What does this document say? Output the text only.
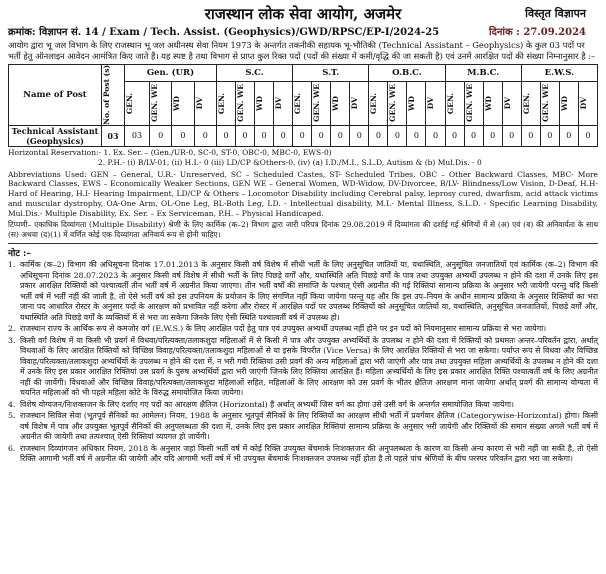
राजस्थान लोक सेवा आयोग, अजमेर	विस्तृत विज्ञापन
क्रमांक: विज्ञापन सं. 14 / Exam / Tech. Assist. (Geophysics)/GWD/RPSC/EP-I/2024-25	दिनांक : 27.09.2024
आयोग द्वारा भू जल विभाग के लिए राजस्थान भू जल अधीनस्थ सेवा नियम 1973 के अन्तर्गत तकनीकी सहायक भू-भौतिकी (Technical Assistant – Geophysics) के कुल 03 पदों पर भर्ती हेतु ऑनलाइन आवेदन आमंत्रित किए जाते हैं। यह स्पष्ट है तथा विभाग से प्राप्त कुल रिक्त पदों (पदों की संख्या में कमी/वृद्धि की जा सकती है) एवं उनमें आरक्षित पदों की संख्या निम्नानुसार है :–
Name of Post	No. of Post (s)	Gen. (UR)				S.C.				S.T.				O.B.C.				M.B.C.				E.W.S.			

		GEN.	GEN. WE	WD	DV	GEN.	GEN. WE	WD	DV	GEN.	GEN. WE	WD	DV	GEN.	GEN. WE	WD	DV	GEN.	GEN. WE	WD	DV	GEN.	GEN. WE	WD	DV

Technical Assistant (Geophysics)	03	03	0	0	0	0	0	0	0	0	0	0	0	0	0	0	0	0	0	0	0	0	0	0	0
Horizontal Reservation:- 1. Ex. Ser. – (Gen./UR-0, SC-0, ST-0, OBC-0, MBC-0, EWS-0)
2. P.H.- (i) B/LV-01, (ii) H.I.- 0 (iii) LD/CP &Others-0, (iv) (a) I.D./M.I., S.L.D, Autism & (b) Mul.Dis. - 0
Abbreviations Used: GEN – General, U.R.- Unreserved, SC – Scheduled Castes, ST- Scheduled Tribes, OBC – Other Backward Classes, MBC- More Backward Classes, EWS – Economically Weaker Sections, GEN WE – General Women, WD-Widow, DV-Divorcee, B/LV- Blindness/Low Vision, D-Deaf, H.H-Hard of Hearing, H.I- Hearing Impairment, LD/CP & Others – Locomotor Disability including Cerebral palsy, leprosy cured, dwarfism, acid attack victims and muscular dystrophy, OA-One Arm, OL-One Leg, BL-Both Leg, I.D. - Intellectual disability, M.I.- Mental Illness, S.L.D. - Specific Learning Disability, Mul.Dis.- Multiple Disability, Ex. Ser. – Ex Serviceman, P.H. – Physical Handicaped.
टिप्पणी– एकाधिक दिव्यांगता (Multiple Disability) श्रेणी के लिए कार्मिक (क–2) विभाग द्वारा जारी परिपत्र दिनांक 29.08.2019 में दिव्यांगता की दर्शाई गई श्रेणियों में से (अ) एवं (ब) की अनिवार्यता के साथ (स) अथवा (द)(1) में वर्णित कोई एक दिव्यांगता अनिवार्य रूप से होनी चाहिए।
नोट :–
1. कार्मिक (क–2) विभाग की अधिसूचना दिनांक 17.01.2013 के अनुसार किसी वर्ष विशेष में सीधी भर्ती के लिए अनुसूचित जातियों या, यथास्थिति, अनुसूचित जनजातियों एवं कार्मिक (क–2) विभाग की अधिसूचना दिनांक 28.07.2023 के अनुसार किसी वर्ष विशेष में सीधी भर्ती के लिए पिछड़े वर्गों और, यथास्थिति अति पिछड़े वर्गों के पात्र तथा उपयुक्त अभ्यर्थी उपलब्ध न होने की दशा में उनके लिए इस प्रकार आरक्षित रिक्तियों को पश्चात्वर्ती तीन भर्ती वर्ष में अग्रनीत किया जाएगा। तीन भर्ती वर्षों की समाप्ति के पश्चात् ऐसी अग्रनीत की गई रिक्तियां सामान्य प्रक्रिया के अनुसार भरी जायेगी परन्तु यदि किसी भर्ती वर्ष में भर्ती नहीं की जाती है, तो ऐसे भर्ती वर्ष को इस उपनियम के प्रयोजन के लिए संगणित नहीं किया जायेगा परन्तु यह और कि इस उप–नियम के अधीन सामान्य प्रक्रिया के अनुसार रिक्तियों का भरा जाना पद आधारित रोस्टर के अनुसार पदों के आरक्षण को प्रभावित नहीं करेगा और रोस्टर में आरक्षित पदों पर उपलब्ध रिक्तियों को अनुसूचित जातियों या, यथास्थिति, अनुसूचित जनजातियों, पिछड़े वर्गों और, यथास्थिति अति पिछड़े वर्गों के व्यक्तियों में से भरा जा सकेगा जिनके लिए ऐसी स्थिति पश्चात्वर्ती वर्ष में उपलब्ध हो।
2. राजस्थान राज्य के आर्थिक रूप से कमजोर वर्ग (E.W.S.) के लिए आरक्षित पदों हेतु पात्र एवं उपयुक्त अभ्यर्थी उपलब्ध नहीं होने पर इन पदों को नियमानुसार सामान्य प्रक्रिया से भरा जायेगा।
3. किसी वर्ग विशेष में या किसी भी प्रवर्ग में विधवा/परित्यक्ता/तलाकशुदा महिलाओं में से किसी में पात्र और उपयुक्त अभ्यर्थियों के उपलब्ध न होने की दशा में रिक्तियों को प्रथमतः अन्तर–परिवर्तन द्वारा, अर्थात् विधवाओं के लिए आरक्षित रिक्तियों को विच्छिन्न विवाह/परित्यक्ता/तलाकशुदा महिलाओं से या इसके विपरीत (Vice Versa) के लिए आरक्षित रिक्तियों से भरा जा सकेगा। पर्याप्त रूप से विधवा और विच्छिन्न विवाह/परित्यक्ता/तलाकशुदा अभ्यर्थियों के उपलब्ध न होने की दशा में, न भरी गयी रिक्तियां उसी प्रवर्ग की अन्य महिलाओं द्वारा भरी जाएंगी और पात्र तथा उपयुक्त महिला अभ्यर्थियों के उपलब्ध न होने की दशा में उनके लिए इस प्रकार आरक्षित रिक्तियां उस प्रवर्ग के पुरुष अभ्यर्थियों द्वारा भरी जाएंगी जिनके लिए रिक्तियां आरक्षित हैं। महिला अभ्यर्थियों के लिए इस प्रकार आरक्षित रिक्ति पश्चात्वर्ती वर्ष के लिए अग्रनीत नहीं की जायेंगी। विधवाओं और विच्छिन्न विवाह/परित्यक्ता/तलाकशुदा महिलाओं सहित, महिलाओं के लिए आरक्षण को उस प्रवर्ग के भीतर क्षैतिज आरक्षण माना जायेगा अर्थात् प्रवर्ग की सामान्य योग्यता में चयनित महिलाओं को भी पहले महिला कोटे के विरुद्ध समायोजित किया जायेगा।
4. विशेष योग्यजन/निःशक्तजन के लिए दर्शाए गए पदों का आरक्षण क्षैतिज (Horizontal) है अर्थात् अभ्यर्थी जिस वर्ग का होगा उसे उसी वर्ग के अन्तर्गत समायोजित किया जायेगा।
5. राजस्थान सिविल सेवा (भूतपूर्व सैनिकों का आमेलन) नियम, 1988 के अनुसार भूतपूर्व सैनिकों के लिए रिक्तियों का आरक्षण सीधी भर्ती में प्रवर्गवार क्षैतिज (Categorywise-Horizontal) होगा। किसी वर्ष विशेष में पात्र और उपयुक्त भूतपूर्व सैनिकों की अनुपलब्धता की दशा में, उनके लिए इस प्रकार आरक्षित रिक्तियां सामान्य प्रक्रिया के अनुसार भरी जायेगी और रिक्तियों की समान संख्या अगले भर्ती वर्ष में अग्रनीत की जायेगी तथा तत्पश्चात् ऐसी रिक्तियां व्यपगत हो जायेंगी।
6. राजस्थान दिव्यांगजन अधिकार नियम, 2018 के अनुसार जहां किसी भर्ती वर्ष में कोई रिक्ति उपयुक्त बेंचमार्क निःशक्तजन की अनुपलब्धता के कारण या किसी अन्य कारण से भरी नहीं जा सकी है, तो ऐसी रिक्ति आगामी भर्ती वर्ष में अग्रनीत की जायेगी और यदि आगामी भर्ती वर्ष में भी उपयुक्त बेंचमार्क निःशक्तजन उपलब्ध नहीं होता है तो पहले पांच श्रेणियों के बीच परस्पर परिवर्तन द्वारा भरा जा सकेगा।
